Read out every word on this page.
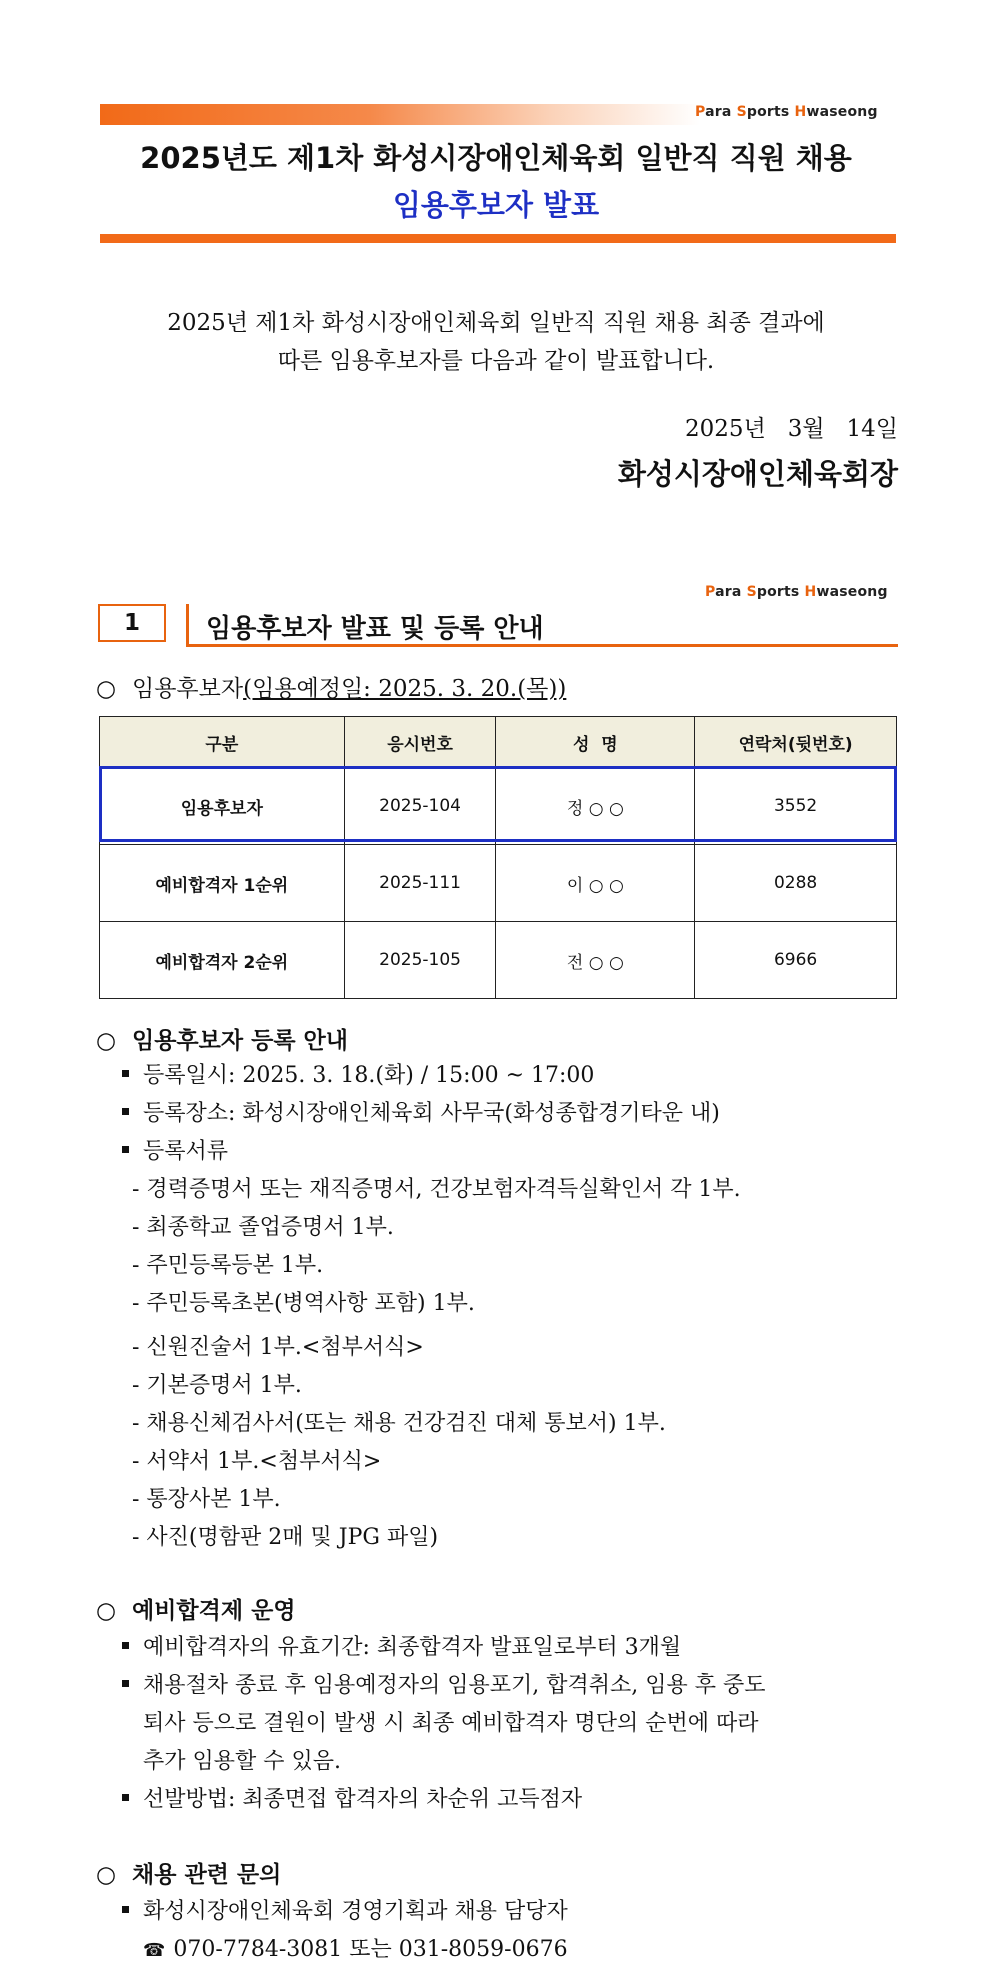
Para Sports Hwaseong
2025년도 제1차 화성시장애인체육회 일반직 직원 채용
임용후보자 발표
2025년 제1차 화성시장애인체육회 일반직 직원 채용 최종 결과에
따른 임용후보자를 다음과 같이 발표합니다.
2025년   3월   14일
화성시장애인체육회장
Para Sports Hwaseong
1	임용후보자 발표 및 등록 안내
○ 임용후보자(임용예정일: 2025. 3. 20.(목))
구분	응시번호	성  명	연락처(뒷번호)
임용후보자	2025-104	정 ○ ○	3552
예비합격자 1순위	2025-111	이 ○ ○	0288
예비합격자 2순위	2025-105	전 ○ ○	6966
○ 임용후보자 등록 안내
등록일시: 2025. 3. 18.(화) / 15:00 ~ 17:00
등록장소: 화성시장애인체육회 사무국(화성종합경기타운 내)
등록서류
- 경력증명서 또는 재직증명서, 건강보험자격득실확인서 각 1부.
- 최종학교 졸업증명서 1부.
- 주민등록등본 1부.
- 주민등록초본(병역사항 포함) 1부.
- 신원진술서 1부.<첨부서식>
- 기본증명서 1부.
- 채용신체검사서(또는 채용 건강검진 대체 통보서) 1부.
- 서약서 1부.<첨부서식>
- 통장사본 1부.
- 사진(명함판 2매 및 JPG 파일)
○ 예비합격제 운영
예비합격자의 유효기간: 최종합격자 발표일로부터 3개월
채용절차 종료 후 임용예정자의 임용포기, 합격취소, 임용 후 중도
퇴사 등으로 결원이 발생 시 최종 예비합격자 명단의 순번에 따라
추가 임용할 수 있음.
선발방법: 최종면접 합격자의 차순위 고득점자
○ 채용 관련 문의
화성시장애인체육회 경영기획과 채용 담당자
☎ 070-7784-3081 또는 031-8059-0676
